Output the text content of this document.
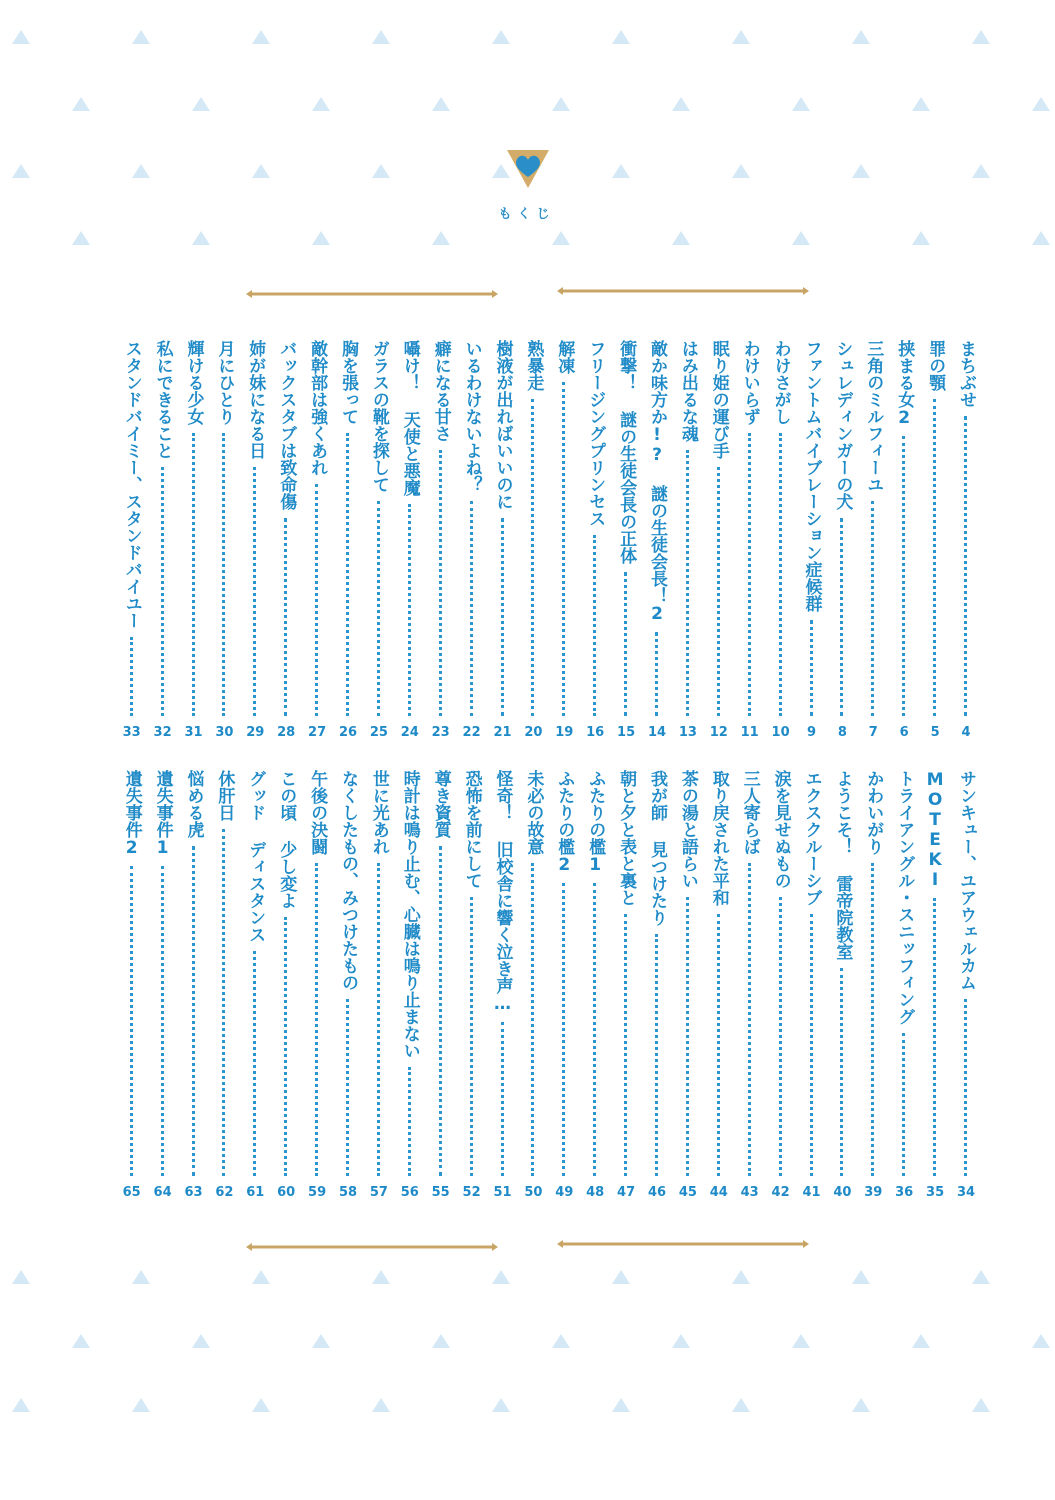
もくじ
まちぶせ
4
罪の顎
5
挟まる女2
6
三角のミルフィーユ
7
シュレディンガーの犬
8
ファントムバイブレーション症候群
9
わけさがし
10
わけいらず
11
眠り姫の運び手
12
はみ出るな魂
13
敵か味方か!? 謎の生徒会長！2
14
衝撃！ 謎の生徒会長の正体
15
フリージングプリンセス
16
解凍
19
熟暴走
20
樹液が出ればいいのに
21
いるわけないよね？
22
癖になる甘さ
23
囁け！ 天使と悪魔
24
ガラスの靴を探して
25
胸を張って
26
敵幹部は強くあれ
27
バックスタブは致命傷
28
姉が妹になる日
29
月にひとり
30
輝ける少女
31
私にできること
32
スタンドバイミー、スタンドバイユー
33
サンキュー、ユアウェルカム
34
MOTEKI
35
トライアングル・スニッフィング
36
かわいがり
39
ようこそ！ 雷帝院教室
40
エクスクルーシブ
41
涙を見せぬもの
42
三人寄らば
43
取り戻された平和
44
茶の湯と語らい
45
我が師 見つけたり
46
朝と夕と表と裏と
47
ふたりの檻1
48
ふたりの檻2
49
未必の故意
50
怪奇！ 旧校舎に響く泣き声…
51
恐怖を前にして
52
尊き資質
55
時計は鳴り止む、心臓は鳴り止まない
56
世に光あれ
57
なくしたもの、みつけたもの
58
午後の決闘
59
この頃 少し変よ
60
グッド ディスタンス
61
休肝日
62
悩める虎
63
遺失事件1
64
遺失事件2
65
